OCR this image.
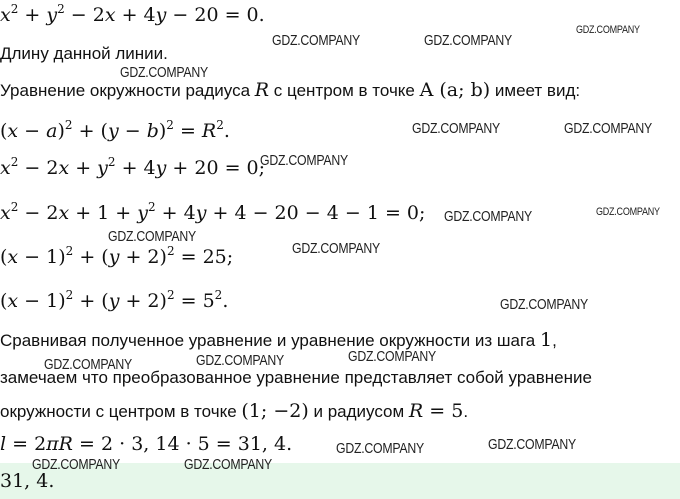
$x^2 + y^2 - 2x + 4y - 20 = 0$.
Длину данной линии.
Уравнение окружности радиуса R с центром в точке A (a; b) имеет вид:
$(x - a)^2 + (y - b)^2 = R^2$.
$x^2 - 2x + y^2 + 4y + 20 = 0$;
$x^2 - 2x + 1 + y^2 + 4y + 4 - 20 - 4 - 1 = 0$;
$(x - 1)^2 + (y + 2)^2 = 25$;
$(x - 1)^2 + (y + 2)^2 = 5^2$.
Сравнивая полученное уравнение и уравнение окружности из шага 1,
замечаем что преобразованное уравнение представляет собой уравнение
окружности с центром в точке (1; −2) и радиусом R = 5.
l = 2πR = 2 · 3, 14 · 5 = 31, 4.
31, 4.
GDZ.COMPANY	GDZ.COMPANY
GDZ.COMPANY
GDZ.COMPANY
GDZ.COMPANY	GDZ.COMPANY
GDZ.COMPANY
GDZ.COMPANY	GDZ.COMPANY
GDZ.COMPANY
GDZ.COMPANY
GDZ.COMPANY
GDZ.COMPANY	GDZ.COMPANY	GDZ.COMPANY
GDZ.COMPANY	GDZ.COMPANY
GDZ.COMPANY	GDZ.COMPANY
